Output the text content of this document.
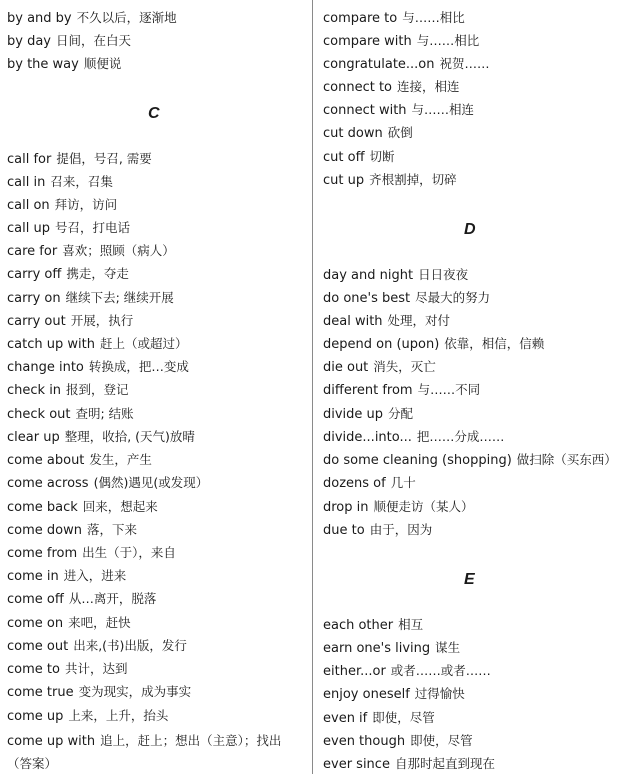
by and by 不久以后，逐渐地
by day 日间，在白天
by the way 顺便说
C
call for 提倡，号召, 需要
call in 召来，召集
call on 拜访，访问
call up 号召，打电话
care for 喜欢；照顾（病人）
carry off 携走，夺走
carry on 继续下去; 继续开展
carry out 开展，执行
catch up with 赶上（或超过）
change into 转换成，把…变成
check in 报到，登记
check out 查明; 结账
clear up 整理，收拾, (天气)放晴
come about 发生，产生
come across (偶然)遇见(或发现）
come back 回来，想起来
come down 落，下来
come from 出生（于），来自
come in 进入，进来
come off 从…离开，脱落
come on 来吧，赶快
come out 出来,(书)出版，发行
come to 共计，达到
come true 变为现实，成为事实
come up 上来，上升，抬头
come up with 追上，赶上；想出（主意）；找出（答案）
compare to 与……相比
compare with 与……相比
congratulate...on 祝贺……
connect to 连接，相连
connect with 与……相连
cut down 砍倒
cut off 切断
cut up 齐根割掉，切碎
D
day and night 日日夜夜
do one's best 尽最大的努力
deal with 处理，对付
depend on (upon) 依靠，相信，信赖
die out 消失，灭亡
different from 与……不同
divide up 分配
divide...into... 把……分成……
do some cleaning (shopping) 做扫除（买东西）
dozens of 几十
drop in 顺便走访（某人）
due to 由于，因为
E
each other 相互
earn one's living 谋生
either...or 或者……或者……
enjoy oneself 过得愉快
even if 即使，尽管
even though 即使，尽管
ever since 自那时起直到现在
